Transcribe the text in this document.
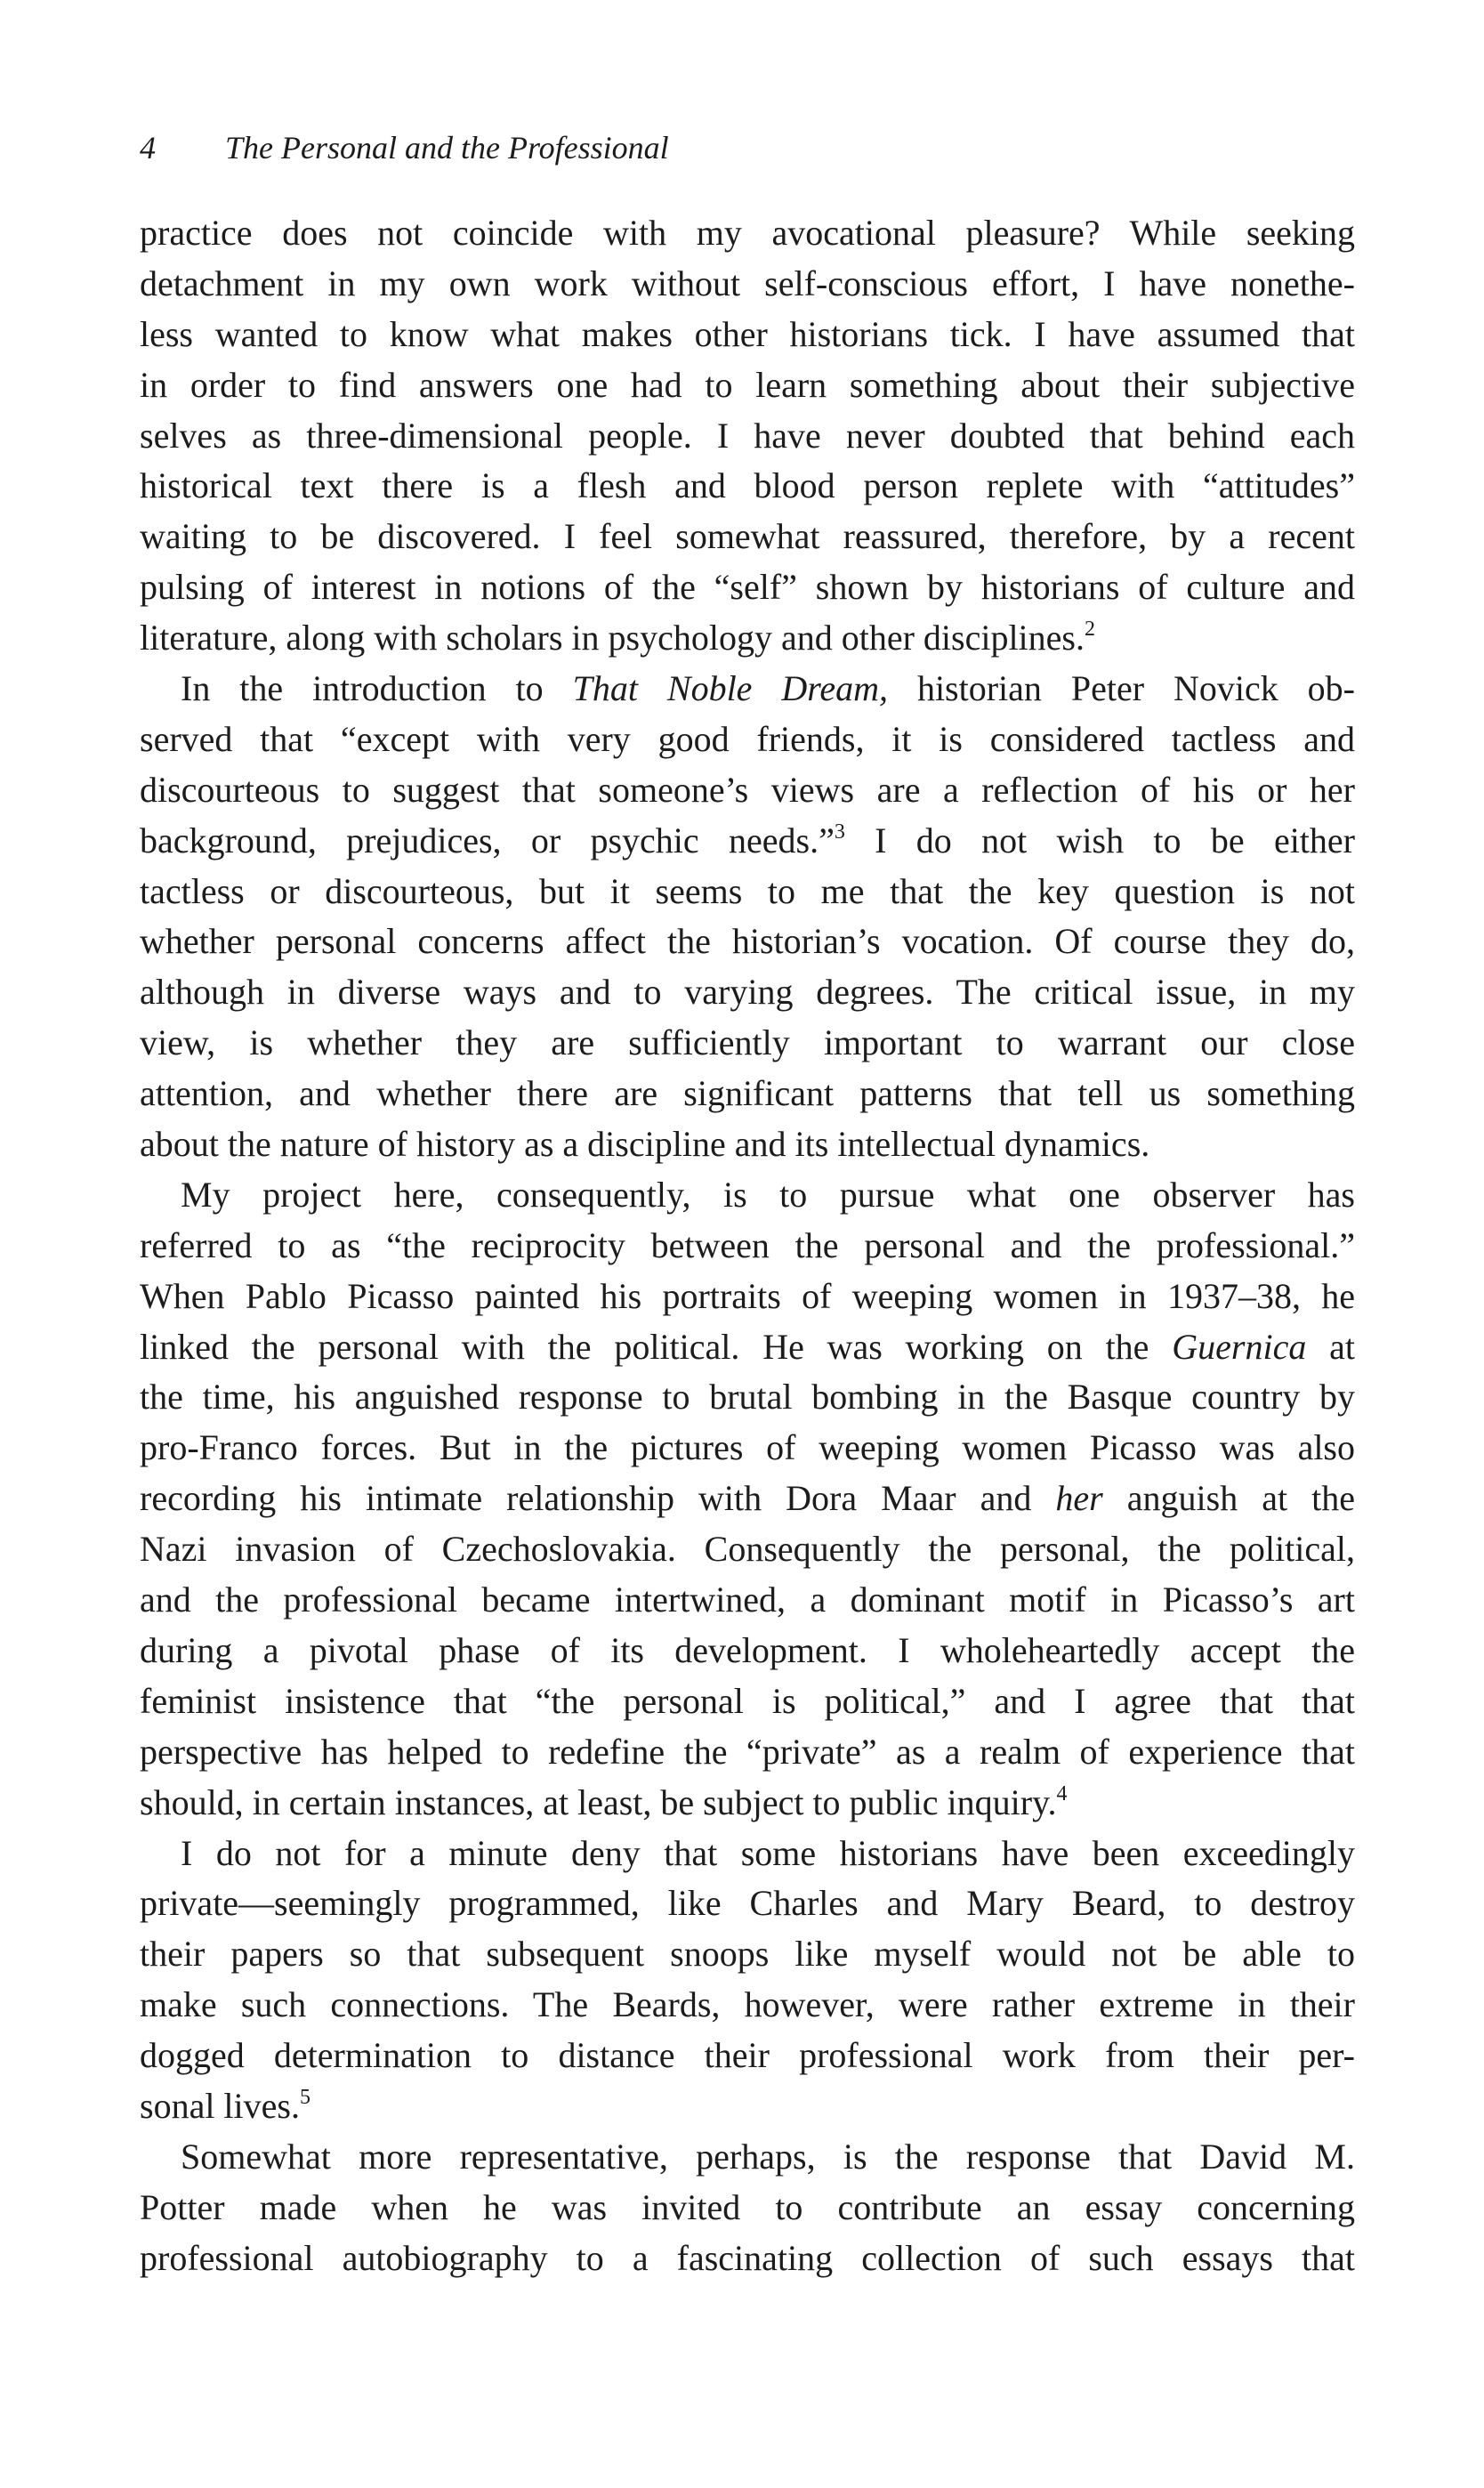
4 The Personal and the Professional
practice does not coincide with my avocational pleasure? While seeking
detachment in my own work without self-conscious effort, I have nonethe-
less wanted to know what makes other historians tick. I have assumed that
in order to find answers one had to learn something about their subjective
selves as three-dimensional people. I have never doubted that behind each
historical text there is a flesh and blood person replete with “attitudes”
waiting to be discovered. I feel somewhat reassured, therefore, by a recent
pulsing of interest in notions of the “self” shown by historians of culture and
literature, along with scholars in psychology and other disciplines.$^2$
In the introduction to That Noble Dream, historian Peter Novick ob-
served that “except with very good friends, it is considered tactless and
discourteous to suggest that someone’s views are a reflection of his or her
background, prejudices, or psychic needs.”$^3$ I do not wish to be either
tactless or discourteous, but it seems to me that the key question is not
whether personal concerns affect the historian’s vocation. Of course they do,
although in diverse ways and to varying degrees. The critical issue, in my
view, is whether they are sufficiently important to warrant our close
attention, and whether there are significant patterns that tell us something
about the nature of history as a discipline and its intellectual dynamics.
My project here, consequently, is to pursue what one observer has
referred to as “the reciprocity between the personal and the professional.”
When Pablo Picasso painted his portraits of weeping women in 1937–38, he
linked the personal with the political. He was working on the Guernica at
the time, his anguished response to brutal bombing in the Basque country by
pro-Franco forces. But in the pictures of weeping women Picasso was also
recording his intimate relationship with Dora Maar and her anguish at the
Nazi invasion of Czechoslovakia. Consequently the personal, the political,
and the professional became intertwined, a dominant motif in Picasso’s art
during a pivotal phase of its development. I wholeheartedly accept the
feminist insistence that “the personal is political,” and I agree that that
perspective has helped to redefine the “private” as a realm of experience that
should, in certain instances, at least, be subject to public inquiry.$^4$
I do not for a minute deny that some historians have been exceedingly
private—seemingly programmed, like Charles and Mary Beard, to destroy
their papers so that subsequent snoops like myself would not be able to
make such connections. The Beards, however, were rather extreme in their
dogged determination to distance their professional work from their per-
sonal lives.$^5$
Somewhat more representative, perhaps, is the response that David M.
Potter made when he was invited to contribute an essay concerning
professional autobiography to a fascinating collection of such essays that
